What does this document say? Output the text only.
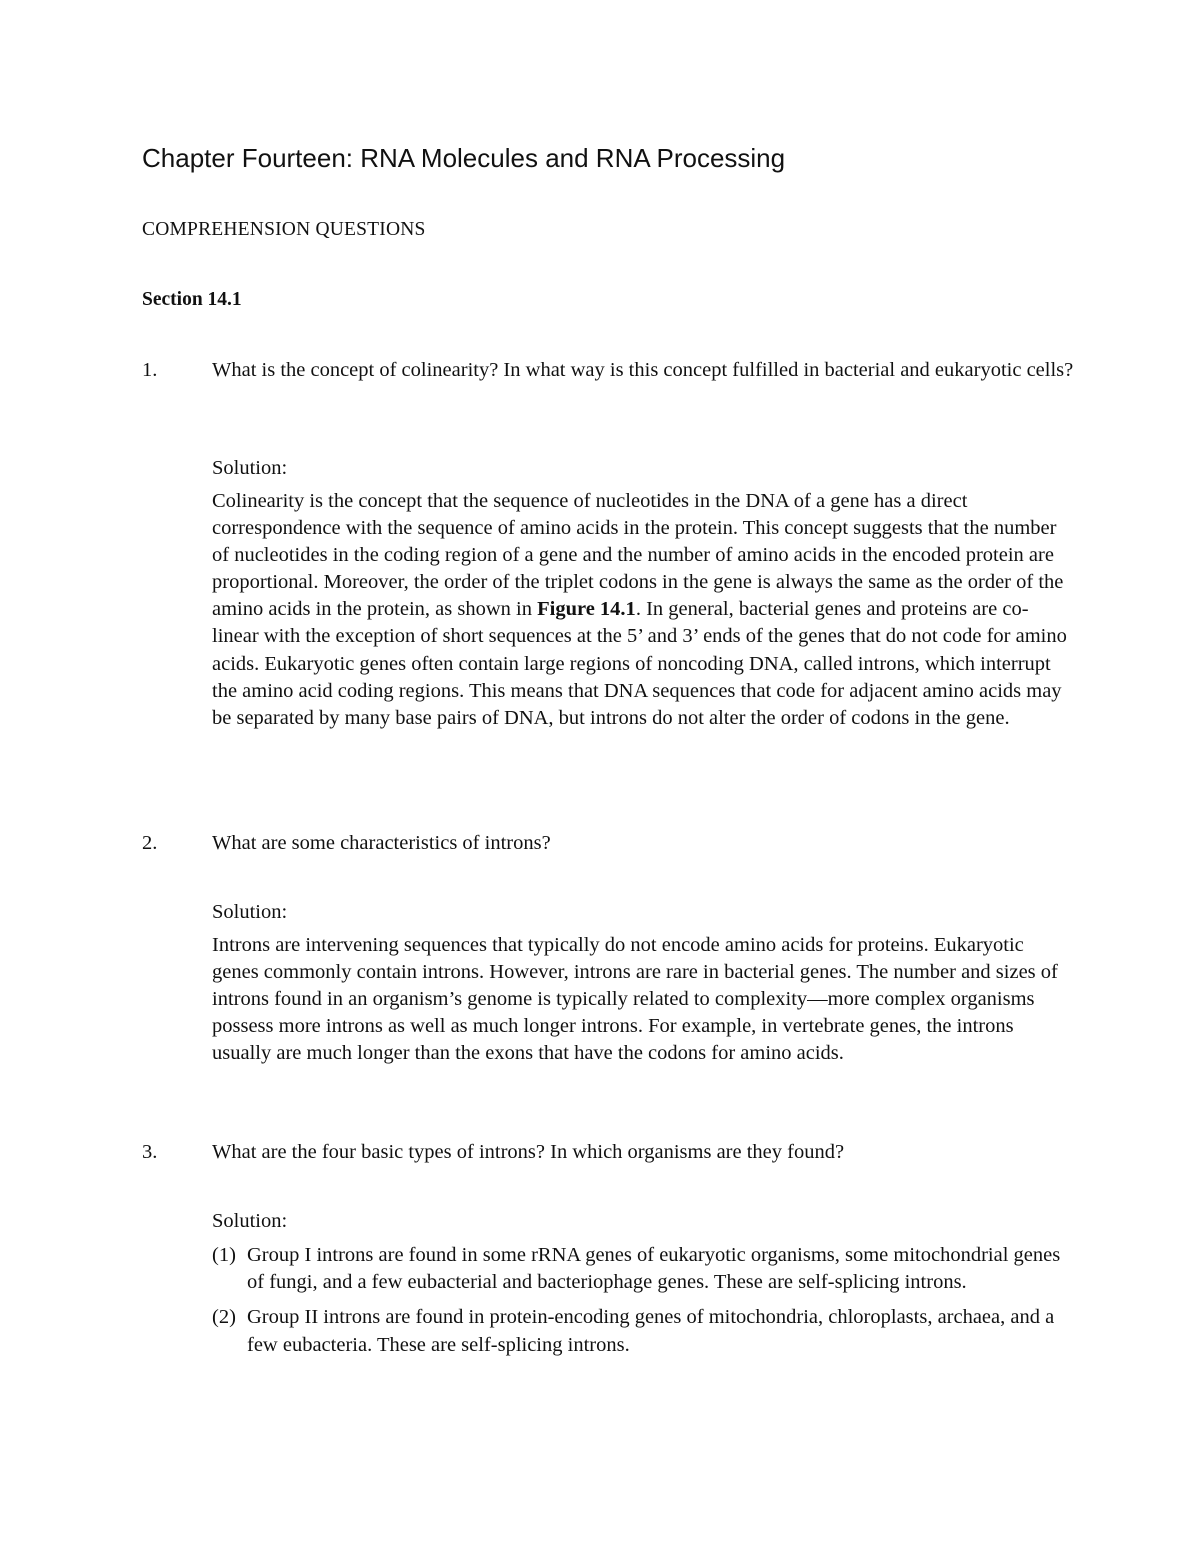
Chapter Fourteen: RNA Molecules and RNA Processing
COMPREHENSION QUESTIONS
Section 14.1
1.	What is the concept of colinearity? In what way is this concept fulfilled in bacterial and eukaryotic cells?

Solution:

Colinearity is the concept that the sequence of nucleotides in the DNA of a gene has a direct correspondence with the sequence of amino acids in the protein. This concept suggests that the number of nucleotides in the coding region of a gene and the number of amino acids in the encoded protein are proportional. Moreover, the order of the triplet codons in the gene is always the same as the order of the amino acids in the protein, as shown in Figure 14.1. In general, bacterial genes and proteins are co-linear with the exception of short sequences at the 5’ and 3’ ends of the genes that do not code for amino acids. Eukaryotic genes often contain large regions of noncoding DNA, called introns, which interrupt the amino acid coding regions. This means that DNA sequences that code for adjacent amino acids may be separated by many base pairs of DNA, but introns do not alter the order of codons in the gene.

2.	What are some characteristics of introns?

Solution:

Introns are intervening sequences that typically do not encode amino acids for proteins. Eukaryotic genes commonly contain introns. However, introns are rare in bacterial genes. The number and sizes of introns found in an organism’s genome is typically related to complexity—more complex organisms possess more introns as well as much longer introns. For example, in vertebrate genes, the introns usually are much longer than the exons that have the codons for amino acids.

3.	What are the four basic types of introns? In which organisms are they found?

Solution:
(1) Group I introns are found in some rRNA genes of eukaryotic organisms, some mitochondrial genes of fungi, and a few eubacterial and bacteriophage genes. These are self-splicing introns.
(2) Group II introns are found in protein-encoding genes of mitochondria, chloroplasts, archaea, and a few eubacteria. These are self-splicing introns.
